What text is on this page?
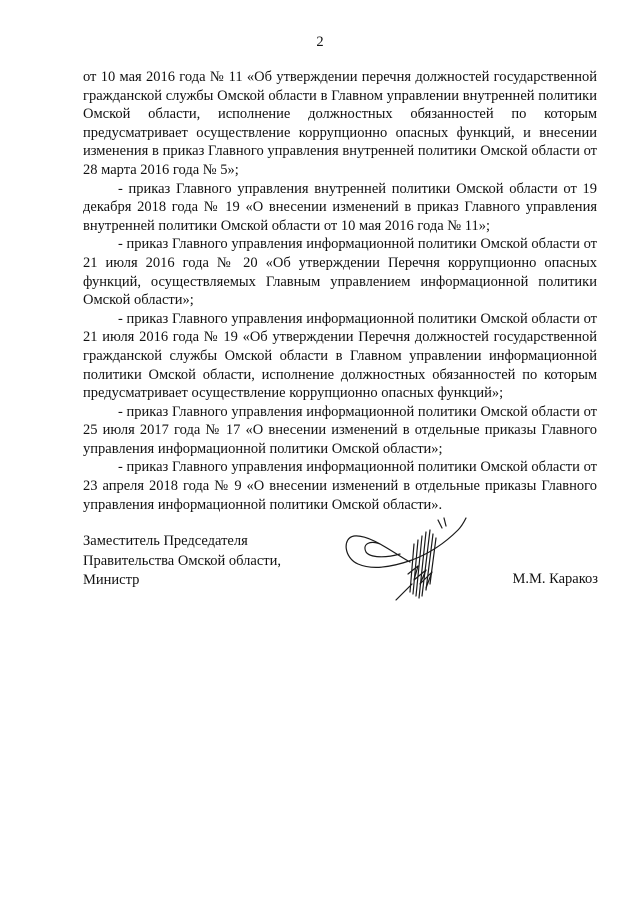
2

от 10 мая 2016 года № 11 «Об утверждении перечня должностей государственной гражданской службы Омской области в Главном управлении внутренней политики Омской области, исполнение должностных обязанностей по которым предусматривает осуществление коррупционно опасных функций, и внесении изменения в приказ Главного управления внутренней политики Омской области от 28 марта 2016 года № 5»;

- приказ Главного управления внутренней политики Омской области от 19 декабря 2018 года № 19 «О внесении изменений в приказ Главного управления внутренней политики Омской области от 10 мая 2016 года № 11»;

- приказ Главного управления информационной политики Омской области от 21 июля 2016 года № 20 «Об утверждении Перечня коррупционно опасных функций, осуществляемых Главным управлением информационной политики Омской области»;

- приказ Главного управления информационной политики Омской области от 21 июля 2016 года № 19 «Об утверждении Перечня должностей государственной гражданской службы Омской области в Главном управлении информационной политики Омской области, исполнение должностных обязанностей по которым предусматривает осуществление коррупционно опасных функций»;

- приказ Главного управления информационной политики Омской области от 25 июля 2017 года № 17 «О внесении изменений в отдельные приказы Главного управления информационной политики Омской области»;

- приказ Главного управления информационной политики Омской области от 23 апреля 2018 года № 9 «О внесении изменений в отдельные приказы Главного управления информационной политики Омской области».

Заместитель Председателя
Правительства Омской области,
Министр	М.М. Каракоз
